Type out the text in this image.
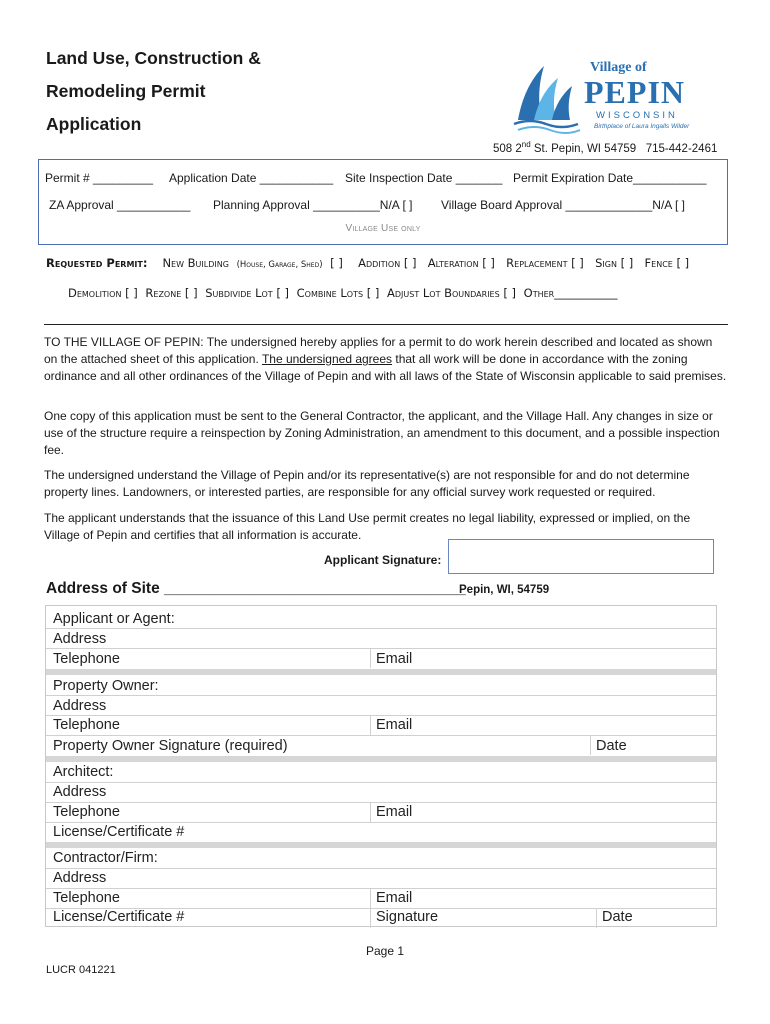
Land Use, Construction &
Remodeling Permit
Application
Village of
PEPIN
WISCONSIN
Birthplace of Laura Ingalls Wilder
508 2nd St. Pepin, WI 54759   715-442-2461
Permit # _________ Application Date ___________ Site Inspection Date _______ Permit Expiration Date___________
ZA Approval ___________ Planning Approval __________N/A [ ] Village Board Approval _____________N/A [ ]
Village Use only
Requested Permit: New Building (House, Garage, Shed) [ ] Addition [ ] Alteration [ ] Replacement [ ] Sign [ ] Fence [ ]
Demolition [ ] Rezone [ ] Subdivide Lot [ ] Combine Lots [ ] Adjust Lot Boundaries [ ] Other___________
TO THE VILLAGE OF PEPIN: The undersigned hereby applies for a permit to do work herein described and located as shown on the attached sheet of this application. The undersigned agrees that all work will be done in accordance with the zoning ordinance and all other ordinances of the Village of Pepin and with all laws of the State of Wisconsin applicable to said premises.
One copy of this application must be sent to the General Contractor, the applicant, and the Village Hall. Any changes in size or use of the structure require a reinspection by Zoning Administration, an amendment to this document, and a possible inspection fee.
The undersigned understand the Village of Pepin and/or its representative(s) are not responsible for and do not determine property lines. Landowners, or interested parties, are responsible for any official survey work requested or required.
The applicant understands that the issuance of this Land Use permit creates no legal liability, expressed or implied, on the Village of Pepin and certifies that all information is accurate.
Applicant Signature:
Address of Site ___________________________________
Pepin, WI, 54759
Applicant or Agent:
Address
Telephone	Email
Property Owner:
Address
Telephone	Email
Property Owner Signature (required)	Date
Architect:
Address
Telephone	Email
License/Certificate #
Contractor/Firm:
Address
Telephone	Email
License/Certificate #	Signature	Date
Page 1
LUCR 041221
